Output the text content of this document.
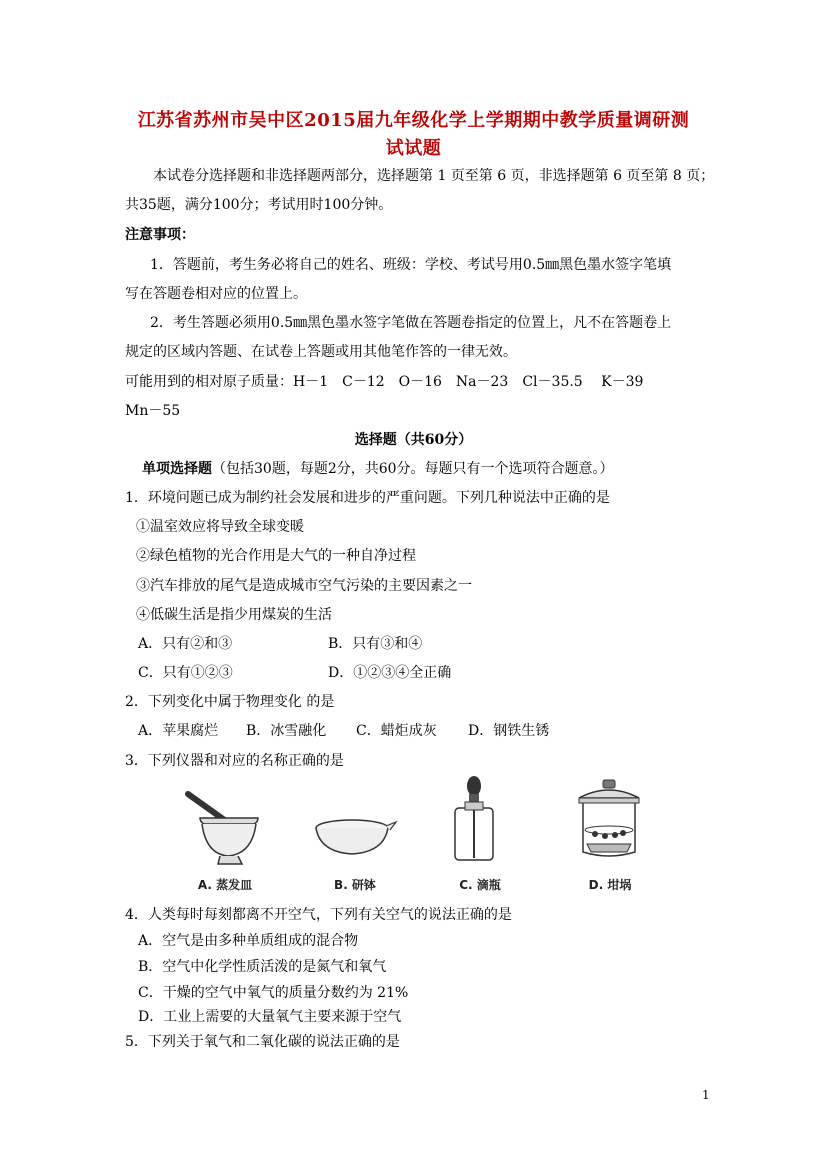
江苏省苏州市吴中区2015届九年级化学上学期期中教学质量调研测
试试题
本试卷分选择题和非选择题两部分，选择题第 1 页至第 6 页，非选择题第 6 页至第 8 页；
共35题，满分100分；考试用时100分钟。
注意事项：
1．答题前，考生务必将自己的姓名、班级：学校、考试号用0.5㎜黑色墨水签字笔填
写在答题卷相对应的位置上。
2．考生答题必须用0.5㎜黑色墨水签字笔做在答题卷指定的位置上，凡不在答题卷上
规定的区域内答题、在试卷上答题或用其他笔作答的一律无效。
可能用到的相对原子质量：H－1　C－12　O－16　Na－23　Cl－35.5　 K－39
Mn－55
选择题（共60分）
单项选择题（包括30题，每题2分，共60分。每题只有一个选项符合题意。）
1．环境问题已成为制约社会发展和进步的严重问题。下列几种说法中正确的是
①温室效应将导致全球变暖
②绿色植物的光合作用是大气的一种自净过程
③汽车排放的尾气是造成城市空气污染的主要因素之一
④低碳生活是指少用煤炭的生活
A．只有②和③	B．只有③和④
C．只有①②③	D．①②③④全正确
2．下列变化中属于物理变化 的是
A．苹果腐烂 B．冰雪融化 C．蜡炬成灰 D．钢铁生锈
3．下列仪器和对应的名称正确的是
A. 蒸发皿	B. 研钵	C. 滴瓶	D. 坩埚
4．人类每时每刻都离不开空气，下列有关空气的说法正确的是
A．空气是由多种单质组成的混合物
B．空气中化学性质活泼的是氮气和氧气
C．干燥的空气中氧气的质量分数约为 21%
D．工业上需要的大量氧气主要来源于空气
5．下列关于氧气和二氧化碳的说法正确的是
1
